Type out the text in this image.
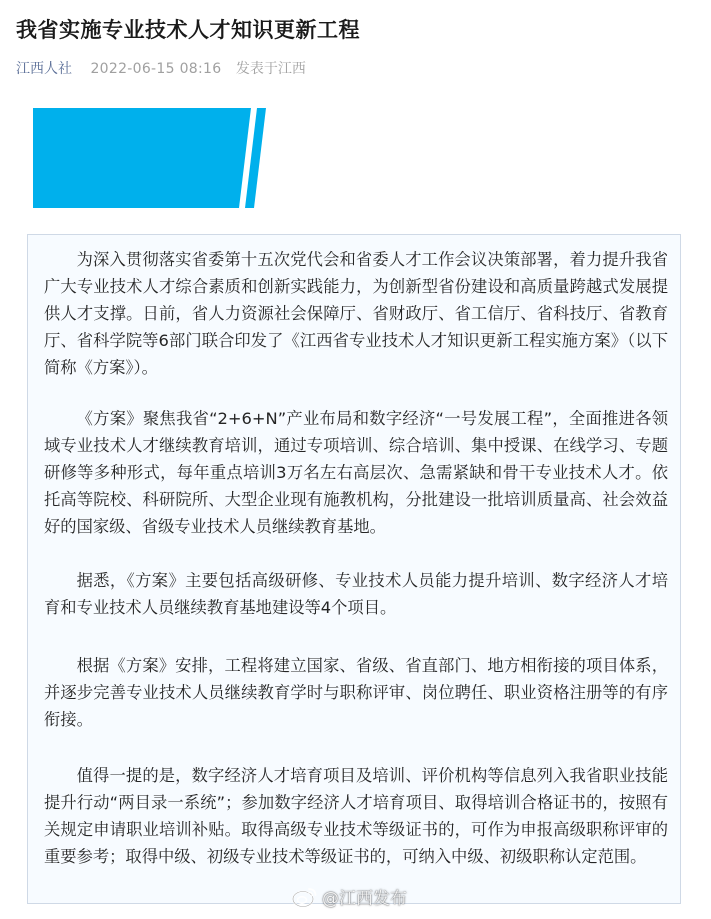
我省实施专业技术人才知识更新工程
江西人社 2022-06-15 08:16 发表于江西

为深入贯彻落实省委第十五次党代会和省委人才工作会议决策部署，着力提升我省广大专业技术人才综合素质和创新实践能力，为创新型省份建设和高质量跨越式发展提供人才支撑。日前，省人力资源社会保障厅、省财政厅、省工信厅、省科技厅、省教育厅、省科学院等6部门联合印发了《江西省专业技术人才知识更新工程实施方案》（以下简称《方案》）。

《方案》聚焦我省“2+6+N”产业布局和数字经济“一号发展工程”，全面推进各领域专业技术人才继续教育培训，通过专项培训、综合培训、集中授课、在线学习、专题研修等多种形式，每年重点培训3万名左右高层次、急需紧缺和骨干专业技术人才。依托高等院校、科研院所、大型企业现有施教机构，分批建设一批培训质量高、社会效益好的国家级、省级专业技术人员继续教育基地。

据悉，《方案》主要包括高级研修、专业技术人员能力提升培训、数字经济人才培育和专业技术人员继续教育基地建设等4个项目。

根据《方案》安排，工程将建立国家、省级、省直部门、地方相衔接的项目体系，并逐步完善专业技术人员继续教育学时与职称评审、岗位聘任、职业资格注册等的有序衔接。

值得一提的是，数字经济人才培育项目及培训、评价机构等信息列入我省职业技能提升行动“两目录一系统”；参加数字经济人才培育项目、取得培训合格证书的，按照有关规定申请职业培训补贴。取得高级专业技术等级证书的，可作为申报高级职称评审的重要参考；取得中级、初级专业技术等级证书的，可纳入中级、初级职称认定范围。

@江西发布
